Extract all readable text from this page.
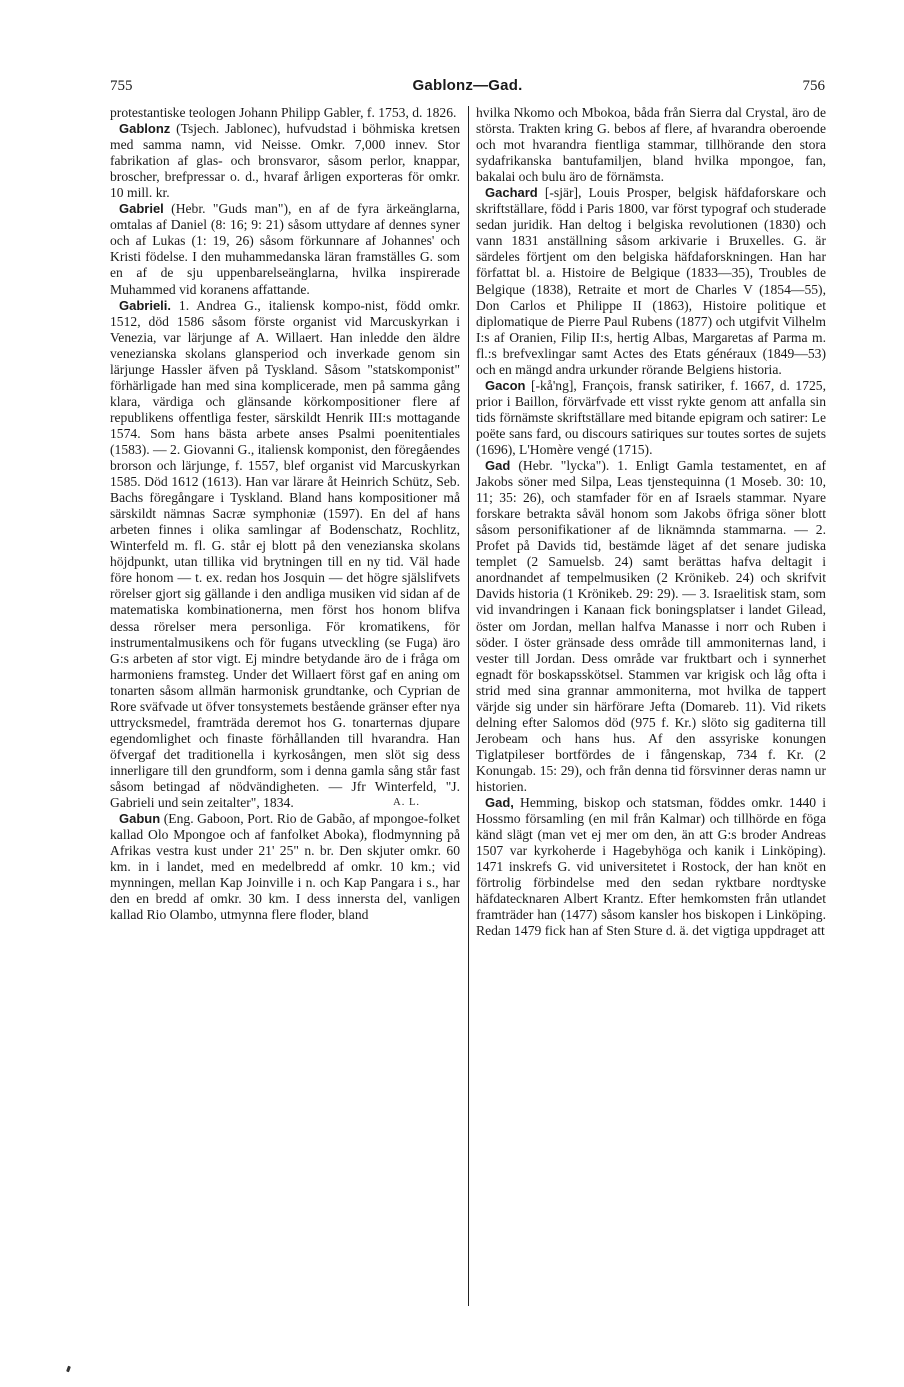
755	Gablonz—Gad.	756

protestantiske teologen Johann Philipp Gabler, f. 1753, d. 1826.

Gablonz (Tsjech. Jablonec), hufvudstad i böhmiska kretsen med samma namn, vid Neisse. Omkr. 7,000 innev. Stor fabrikation af glas- och bronsvaror, såsom perlor, knappar, broscher, brefpressar o. d., hvaraf årligen exporteras för omkr. 10 mill. kr.

Gabriel (Hebr. "Guds man"), en af de fyra ärkeänglarna, omtalas af Daniel (8: 16; 9: 21) såsom uttydare af dennes syner och af Lukas (1: 19, 26) såsom förkunnare af Johannes' och Kristi födelse. I den muhammedanska läran framställes G. som en af de sju uppenbarelseänglarna, hvilka inspirerade Muhammed vid koranens affattande.

Gabrieli. 1. Andrea G., italiensk kompo-nist, född omkr. 1512, död 1586 såsom förste organist vid Marcuskyrkan i Venezia, var lärjunge af A. Willaert. Han inledde den äldre venezianska skolans glansperiod och inverkade genom sin lärjunge Hassler äfven på Tyskland. Såsom "statskomponist" förhärligade han med sina komplicerade, men på samma gång klara, värdiga och glänsande körkompositioner flere af republikens offentliga fester, särskildt Henrik III:s mottagande 1574. Som hans bästa arbete anses Psalmi poenitentiales (1583). — 2. Giovanni G., italiensk komponist, den föregåendes brorson och lärjunge, f. 1557, blef organist vid Marcuskyrkan 1585. Död 1612 (1613). Han var lärare åt Heinrich Schütz, Seb. Bachs föregångare i Tyskland. Bland hans kompositioner må särskildt nämnas Sacræ symphoniæ (1597). En del af hans arbeten finnes i olika samlingar af Bodenschatz, Rochlitz, Winterfeld m. fl. G. står ej blott på den venezianska skolans höjdpunkt, utan tillika vid brytningen till en ny tid. Väl hade före honom — t. ex. redan hos Josquin — det högre själslifvets rörelser gjort sig gällande i den andliga musiken vid sidan af de matematiska kombinationerna, men först hos honom blifva dessa rörelser mera personliga. För kromatikens, för instrumentalmusikens och för fugans utveckling (se Fuga) äro G:s arbeten af stor vigt. Ej mindre betydande äro de i fråga om harmoniens framsteg. Under det Willaert först gaf en aning om tonarten såsom allmän harmonisk grundtanke, och Cyprian de Rore sväfvade ut öfver tonsystemets bestående gränser efter nya uttrycksmedel, framträda deremot hos G. tonarternas djupare egendomlighet och finaste förhållanden till hvarandra. Han öfvergaf det traditionella i kyrkosången, men slöt sig dess innerligare till den grundform, som i denna gamla sång står fast såsom betingad af nödvändigheten. — Jfr Winterfeld, "J. Gabrieli und sein zeitalter", 1834.	A. L.

Gabun (Eng. Gaboon, Port. Rio de Gabão, af mpongoe-folket kallad Olo Mpongoe och af fanfolket Aboka), flodmynning på Afrikas vestra kust under 21' 25" n. br. Den skjuter omkr. 60 km. in i landet, med en medelbredd af omkr. 10 km.; vid mynningen, mellan Kap Joinville i n. och Kap Pangara i s., har den en bredd af omkr. 30 km. I dess innersta del, vanligen kallad Rio Olambo, utmynna flere floder, bland

hvilka Nkomo och Mbokoa, båda från Sierra dal Crystal, äro de största. Trakten kring G. bebos af flere, af hvarandra oberoende och mot hvarandra fientliga stammar, tillhörande den stora sydafrikanska bantufamiljen, bland hvilka mpongoe, fan, bakalai och bulu äro de förnämsta.

Gachard [-sjär], Louis Prosper, belgisk häfdaforskare och skriftställare, född i Paris 1800, var först typograf och studerade sedan juridik. Han deltog i belgiska revolutionen (1830) och vann 1831 anställning såsom arkivarie i Bruxelles. G. är särdeles förtjent om den belgiska häfdaforskningen. Han har författat bl. a. Histoire de Belgique (1833—35), Troubles de Belgique (1838), Retraite et mort de Charles V (1854—55), Don Carlos et Philippe II (1863), Histoire politique et diplomatique de Pierre Paul Rubens (1877) och utgifvit Vilhelm I:s af Oranien, Filip II:s, hertig Albas, Margaretas af Parma m. fl.:s brefvexlingar samt Actes des Etats généraux (1849—53) och en mängd andra urkunder rörande Belgiens historia.

Gacon [-kå'ng], François, fransk satiriker, f. 1667, d. 1725, prior i Baillon, förvärfvade ett visst rykte genom att anfalla sin tids förnämste skriftställare med bitande epigram och satirer: Le poëte sans fard, ou discours satiriques sur toutes sortes de sujets (1696), L'Homère vengé (1715).

Gad (Hebr. "lycka"). 1. Enligt Gamla testamentet, en af Jakobs söner med Silpa, Leas tjenstequinna (1 Moseb. 30: 10, 11; 35: 26), och stamfader för en af Israels stammar. Nyare forskare betrakta såväl honom som Jakobs öfriga söner blott såsom personifikationer af de liknämnda stammarna. — 2. Profet på Davids tid, bestämde läget af det senare judiska templet (2 Samuelsb. 24) samt berättas hafva deltagit i anordnandet af tempelmusiken (2 Krönikeb. 24) och skrifvit Davids historia (1 Krönikeb. 29: 29). — 3. Israelitisk stam, som vid invandringen i Kanaan fick boningsplatser i landet Gilead, öster om Jordan, mellan halfva Manasse i norr och Ruben i söder. I öster gränsade dess område till ammoniternas land, i vester till Jordan. Dess område var fruktbart och i synnerhet egnadt för boskapsskötsel. Stammen var krigisk och låg ofta i strid med sina grannar ammoniterna, mot hvilka de tappert värjde sig under sin härförare Jefta (Domareb. 11). Vid rikets delning efter Salomos död (975 f. Kr.) slöto sig gaditerna till Jerobeam och hans hus. Af den assyriske konungen Tiglatpileser bortfördes de i fångenskap, 734 f. Kr. (2 Konungab. 15: 29), och från denna tid försvinner deras namn ur historien.

Gad, Hemming, biskop och statsman, föddes omkr. 1440 i Hossmo församling (en mil från Kalmar) och tillhörde en föga känd slägt (man vet ej mer om den, än att G:s broder Andreas 1507 var kyrkoherde i Hagebyhöga och kanik i Linköping). 1471 inskrefs G. vid universitetet i Rostock, der han knöt en förtrolig förbindelse med den sedan ryktbare nordtyske häfdatecknaren Albert Krantz. Efter hemkomsten från utlandet framträder han (1477) såsom kansler hos biskopen i Linköping. Redan 1479 fick han af Sten Sture d. ä. det vigtiga uppdraget att
